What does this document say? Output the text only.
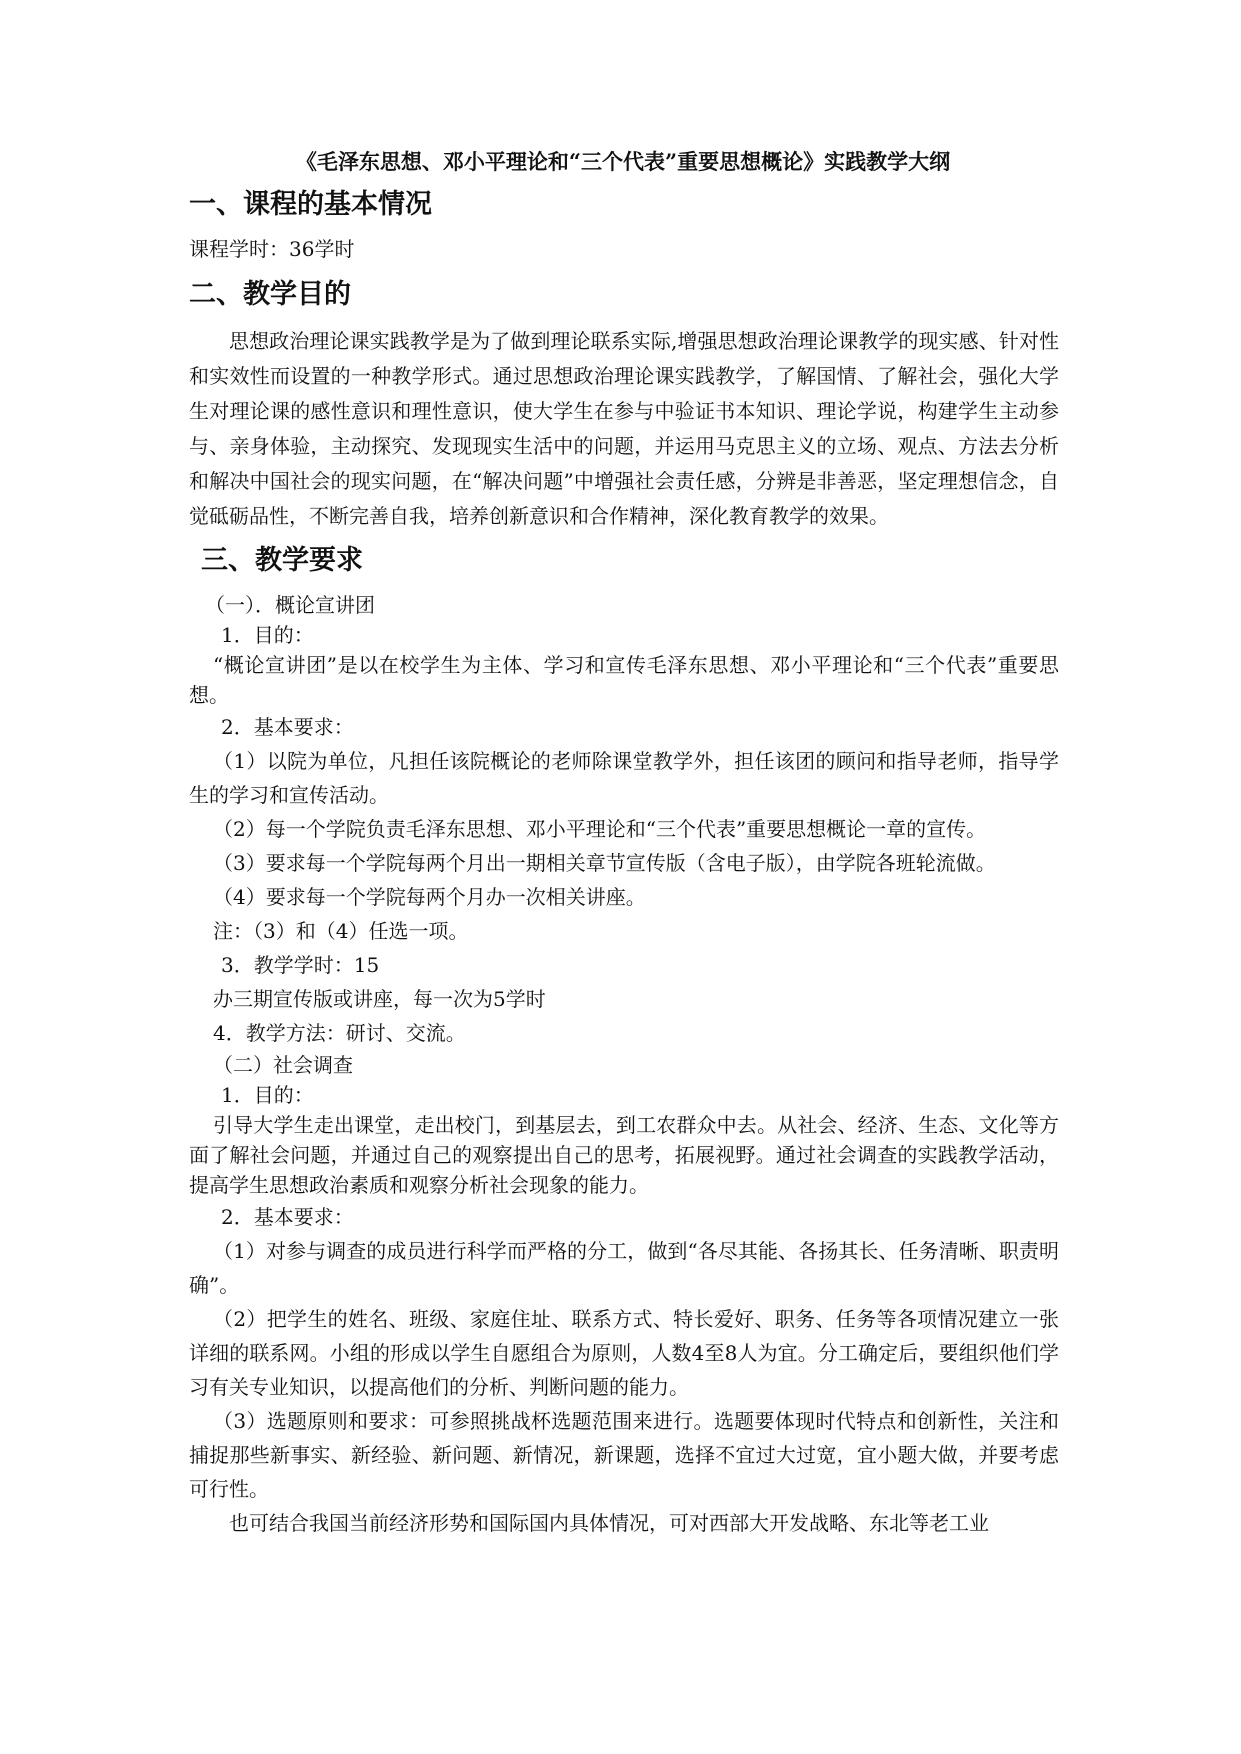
《毛泽东思想、邓小平理论和“三个代表”重要思想概论》实践教学大纲
一、课程的基本情况

课程学时：36学时

二、教学目的

思想政治理论课实践教学是为了做到理论联系实际,增强思想政治理论课教学的现实感、针对性和实效性而设置的一种教学形式。通过思想政治理论课实践教学，了解国情、了解社会，强化大学生对理论课的感性意识和理性意识，使大学生在参与中验证书本知识、理论学说，构建学生主动参与、亲身体验，主动探究、发现现实生活中的问题，并运用马克思主义的立场、观点、方法去分析和解决中国社会的现实问题，在“解决问题”中增强社会责任感，分辨是非善恶，坚定理想信念，自觉砥砺品性，不断完善自我，培养创新意识和合作精神，深化教育教学的效果。

三、教学要求

（一）．概论宣讲团

1．目的：

“概论宣讲团”是以在校学生为主体、学习和宣传毛泽东思想、邓小平理论和“三个代表”重要思想。

2．基本要求：

（1）以院为单位，凡担任该院概论的老师除课堂教学外，担任该团的顾问和指导老师，指导学生的学习和宣传活动。

（2）每一个学院负责毛泽东思想、邓小平理论和“三个代表”重要思想概论一章的宣传。

（3）要求每一个学院每两个月出一期相关章节宣传版（含电子版），由学院各班轮流做。

（4）要求每一个学院每两个月办一次相关讲座。

注：（3）和（4）任选一项。

3．教学学时：15

办三期宣传版或讲座，每一次为5学时

4．教学方法：研讨、交流。

（二）社会调查

1．目的：

引导大学生走出课堂，走出校门，到基层去，到工农群众中去。从社会、经济、生态、文化等方面了解社会问题，并通过自己的观察提出自己的思考，拓展视野。通过社会调查的实践教学活动，提高学生思想政治素质和观察分析社会现象的能力。

2．基本要求：

（1）对参与调查的成员进行科学而严格的分工，做到“各尽其能、各扬其长、任务清晰、职责明确”。

（2）把学生的姓名、班级、家庭住址、联系方式、特长爱好、职务、任务等各项情况建立一张详细的联系网。小组的形成以学生自愿组合为原则，人数4至8人为宜。分工确定后，要组织他们学习有关专业知识，以提高他们的分析、判断问题的能力。

（3）选题原则和要求：可参照挑战杯选题范围来进行。选题要体现时代特点和创新性，关注和捕捉那些新事实、新经验、新问题、新情况，新课题，选择不宜过大过宽，宜小题大做，并要考虑可行性。

也可结合我国当前经济形势和国际国内具体情况，可对西部大开发战略、东北等老工业
